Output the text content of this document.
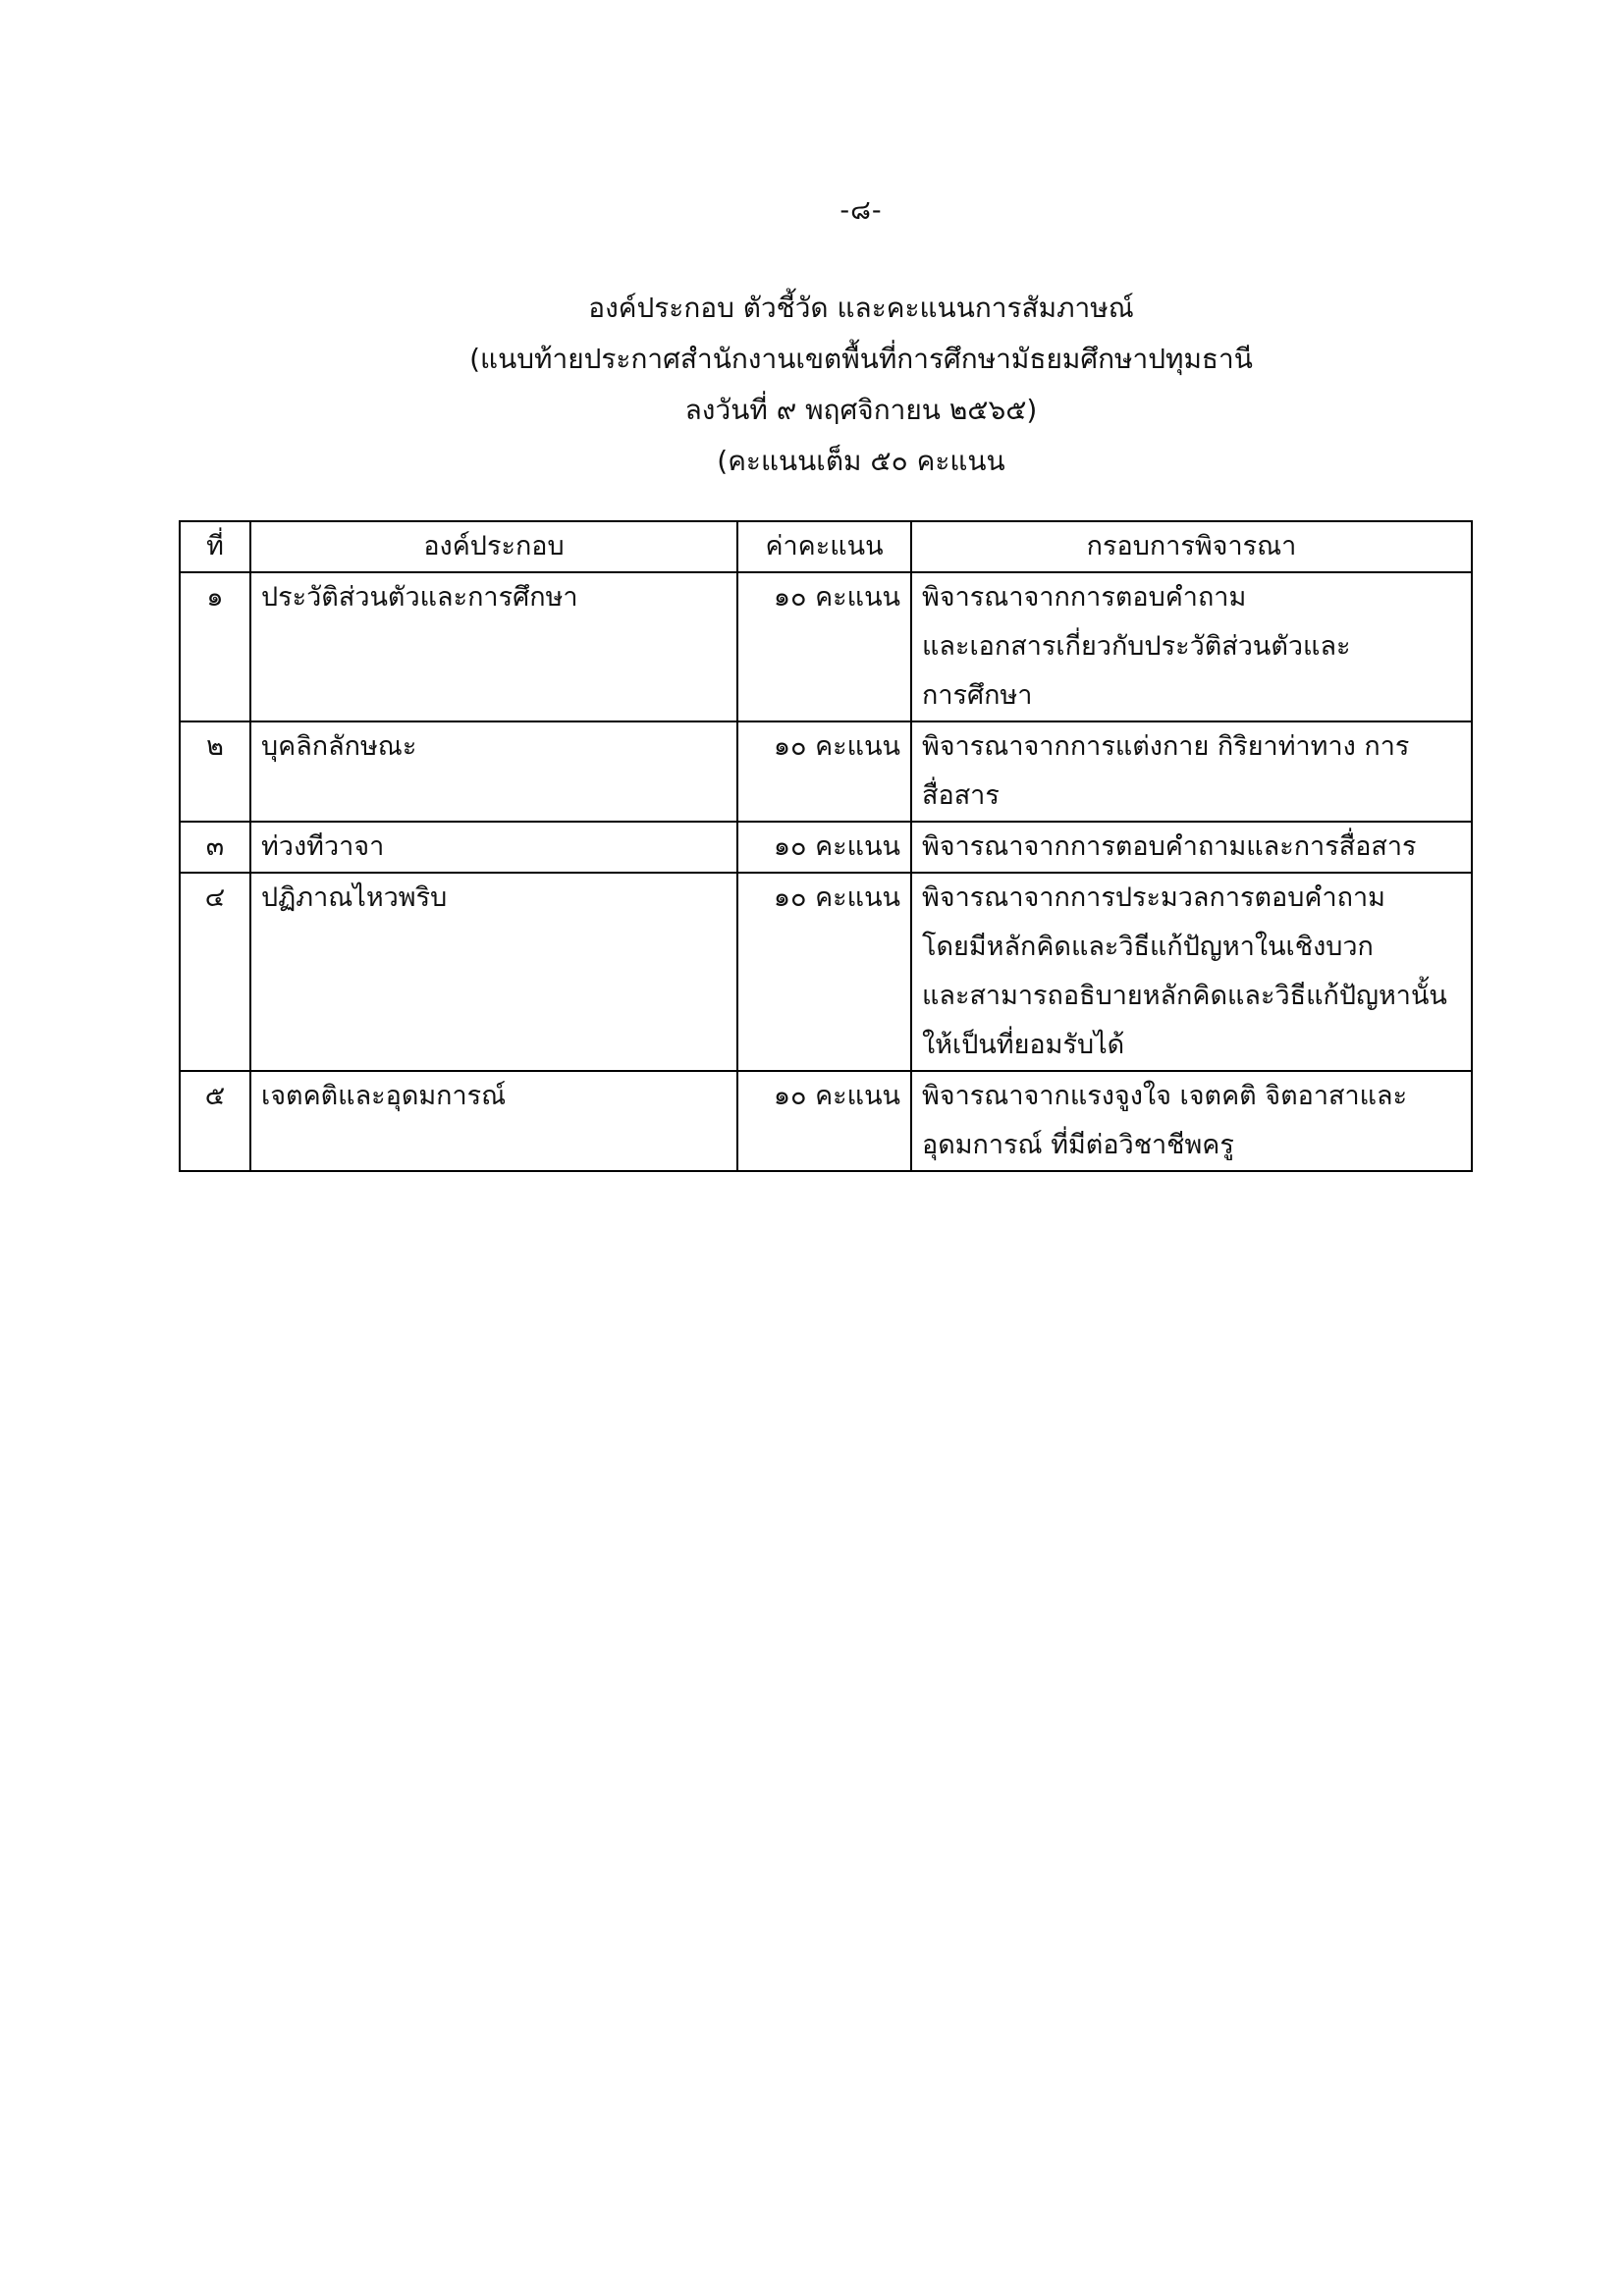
-๘-
องค์ประกอบ ตัวชี้วัด และคะแนนการสัมภาษณ์
(แนบท้ายประกาศสำนักงานเขตพื้นที่การศึกษามัธยมศึกษาปทุมธานี
ลงวันที่ ๙ พฤศจิกายน ๒๕๖๕)
(คะแนนเต็ม ๕๐ คะแนน
ที่	องค์ประกอบ	ค่าคะแนน	กรอบการพิจารณา
๑	ประวัติส่วนตัวและการศึกษา	๑๐ คะแนน	พิจารณาจากการตอบคำถาม
และเอกสารเกี่ยวกับประวัติส่วนตัวและ
การศึกษา

๒	บุคลิกลักษณะ	๑๐ คะแนน	พิจารณาจากการแต่งกาย กิริยาท่าทาง การ
สื่อสาร

๓	ท่วงทีวาจา	๑๐ คะแนน	พิจารณาจากการตอบคำถามและการสื่อสาร

๔	ปฏิภาณไหวพริบ	๑๐ คะแนน	พิจารณาจากการประมวลการตอบคำถาม
โดยมีหลักคิดและวิธีแก้ปัญหาในเชิงบวก
และสามารถอธิบายหลักคิดและวิธีแก้ปัญหานั้น
ให้เป็นที่ยอมรับได้

๕	เจตคติและอุดมการณ์	๑๐ คะแนน	พิจารณาจากแรงจูงใจ เจตคติ จิตอาสาและ
อุดมการณ์ ที่มีต่อวิชาชีพครู
